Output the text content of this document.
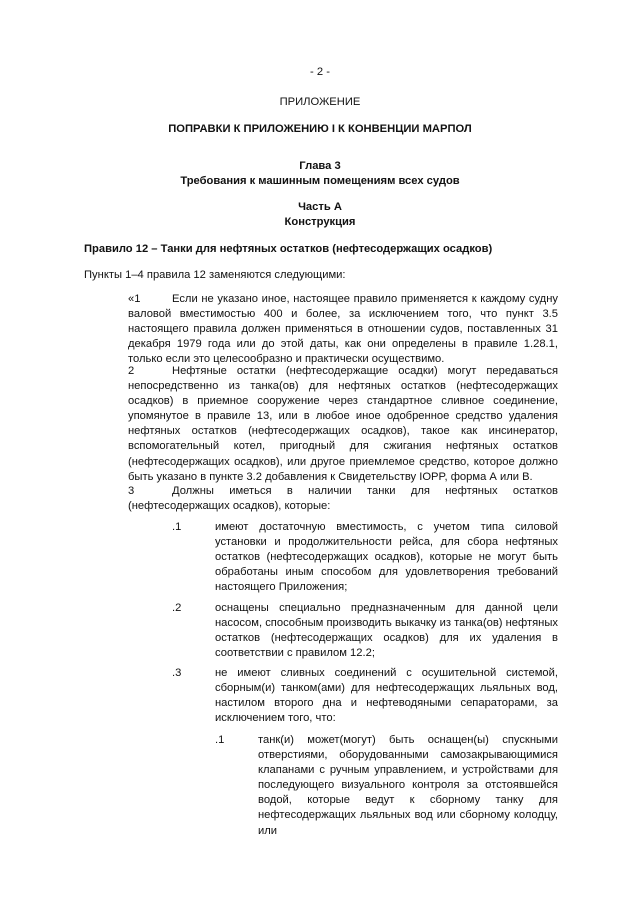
- 2 -

ПРИЛОЖЕНИЕ

ПОПРАВКИ К ПРИЛОЖЕНИЮ I К КОНВЕНЦИИ МАРПОЛ

Глава 3

Требования к машинным помещениям всех судов

Часть А

Конструкция

Правило 12 – Танки для нефтяных остатков (нефтесодержащих осадков)

Пункты 1–4 правила 12 заменяются следующими:

«1	Если не указано иное, настоящее правило применяется к каждому судну валовой вместимостью 400 и более, за исключением того, что пункт 3.5 настоящего правила должен применяться в отношении судов, поставленных 31 декабря 1979 года или до этой даты, как они определены в правиле 1.28.1, только если это целесообразно и практически осуществимо.

2	Нефтяные остатки (нефтесодержащие осадки) могут передаваться непосредственно из танка(ов) для нефтяных остатков (нефтесодержащих осадков) в приемное сооружение через стандартное сливное соединение, упомянутое в правиле 13, или в любое иное одобренное средство удаления нефтяных остатков (нефтесодержащих осадков), такое как инсинератор, вспомогательный котел, пригодный для сжигания нефтяных остатков (нефтесодержащих осадков), или другое приемлемое средство, которое должно быть указано в пункте 3.2 добавления к Свидетельству IOPP, форма А или В.

3	Должны иметься в наличии танки для нефтяных остатков (нефтесодержащих осадков), которые:

.1	имеют достаточную вместимость, с учетом типа силовой установки и продолжительности рейса, для сбора нефтяных остатков (нефтесодержащих осадков), которые не могут быть обработаны иным способом для удовлетворения требований настоящего Приложения;

.2	оснащены специально предназначенным для данной цели насосом, способным производить выкачку из танка(ов) нефтяных остатков (нефтесодержащих осадков) для их удаления в соответствии с правилом 12.2;

.3	не имеют сливных соединений с осушительной системой, сборным(и) танком(ами) для нефтесодержащих льяльных вод, настилом второго дна и нефтеводяными сепараторами, за исключением того, что:

.1	танк(и) может(могут) быть оснащен(ы) спускными отверстиями, оборудованными самозакрывающимися клапанами с ручным управлением, и устройствами для последующего визуального контроля за отстоявшейся водой, которые ведут к сборному танку для нефтесодержащих льяльных вод или сборному колодцу, или
